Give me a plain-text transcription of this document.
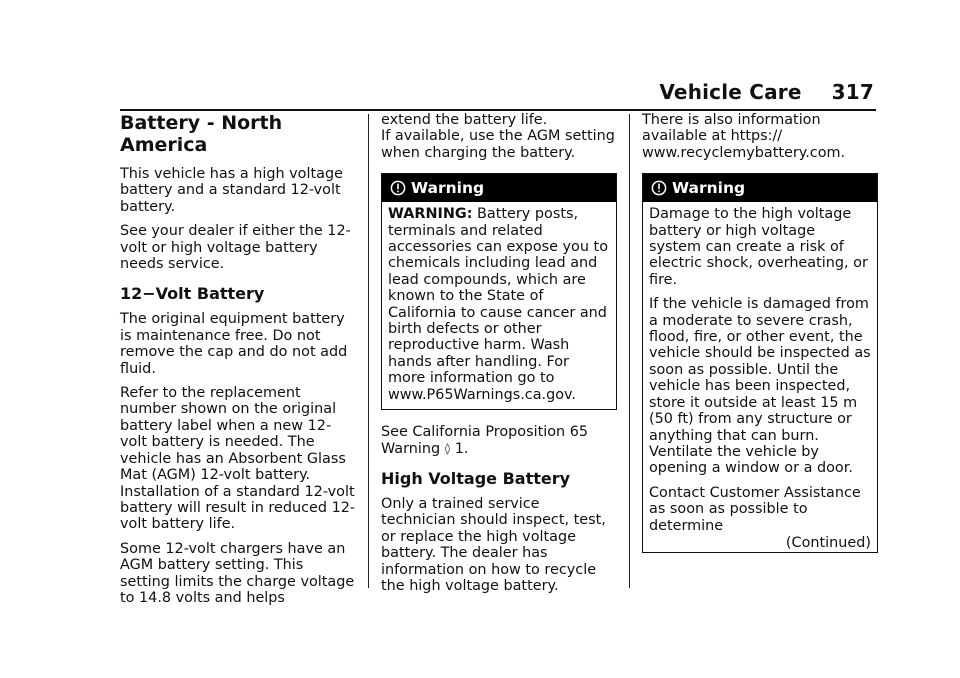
Vehicle Care 317
Battery - North America

This vehicle has a high voltage battery and a standard 12-volt battery.

See your dealer if either the 12-volt or high voltage battery needs service.

12−Volt Battery

The original equipment battery is maintenance free. Do not remove the cap and do not add fluid.

Refer to the replacement number shown on the original battery label when a new 12-volt battery is needed. The vehicle has an Absorbent Glass Mat (AGM) 12-volt battery. Installation of a standard 12-volt battery will result in reduced 12-volt battery life.

Some 12-volt chargers have an AGM battery setting. This setting limits the charge voltage to 14.8 volts and helps

extend the battery life.

If available, use the AGM setting when charging the battery.

Warning

WARNING: Battery posts, terminals and related accessories can expose you to chemicals including lead and lead compounds, which are known to the State of California to cause cancer and birth defects or other reproductive harm. Wash hands after handling. For more information go to www.P65Warnings.ca.gov.

See California Proposition 65 Warning ◊ 1.

High Voltage Battery

Only a trained service technician should inspect, test, or replace the high voltage battery. The dealer has information on how to recycle the high voltage battery.

There is also information available at https:// www.recyclemybattery.com.

Warning

Damage to the high voltage battery or high voltage system can create a risk of electric shock, overheating, or fire.

If the vehicle is damaged from a moderate to severe crash, flood, fire, or other event, the vehicle should be inspected as soon as possible. Until the vehicle has been inspected, store it outside at least 15 m (50 ft) from any structure or anything that can burn. Ventilate the vehicle by opening a window or a door.

Contact Customer Assistance as soon as possible to determine

(Continued)
